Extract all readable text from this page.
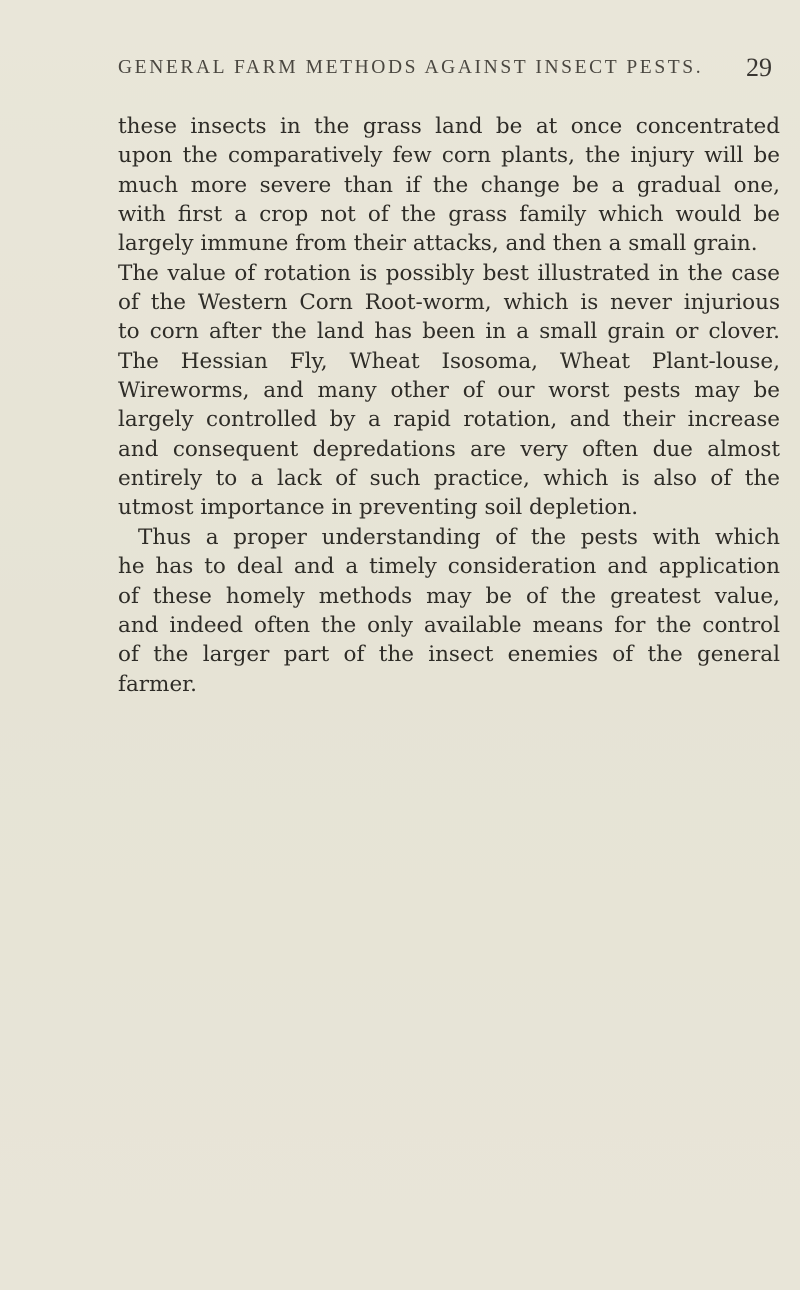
GENERAL FARM METHODS AGAINST INSECT PESTS. 29
these insects in the grass land be at once concentrated
upon the comparatively few corn plants, the injury will be
much more severe than if the change be a gradual one,
with first a crop not of the grass family which would be
largely immune from their attacks, and then a small grain.
The value of rotation is possibly best illustrated in the case
of the Western Corn Root-worm, which is never injurious
to corn after the land has been in a small grain or clover.
The Hessian Fly, Wheat Isosoma, Wheat Plant-louse,
Wireworms, and many other of our worst pests may be
largely controlled by a rapid rotation, and their increase
and consequent depredations are very often due almost
entirely to a lack of such practice, which is also of the
utmost importance in preventing soil depletion.
Thus a proper understanding of the pests with which
he has to deal and a timely consideration and application
of these homely methods may be of the greatest value,
and indeed often the only available means for the control
of the larger part of the insect enemies of the general
farmer.
